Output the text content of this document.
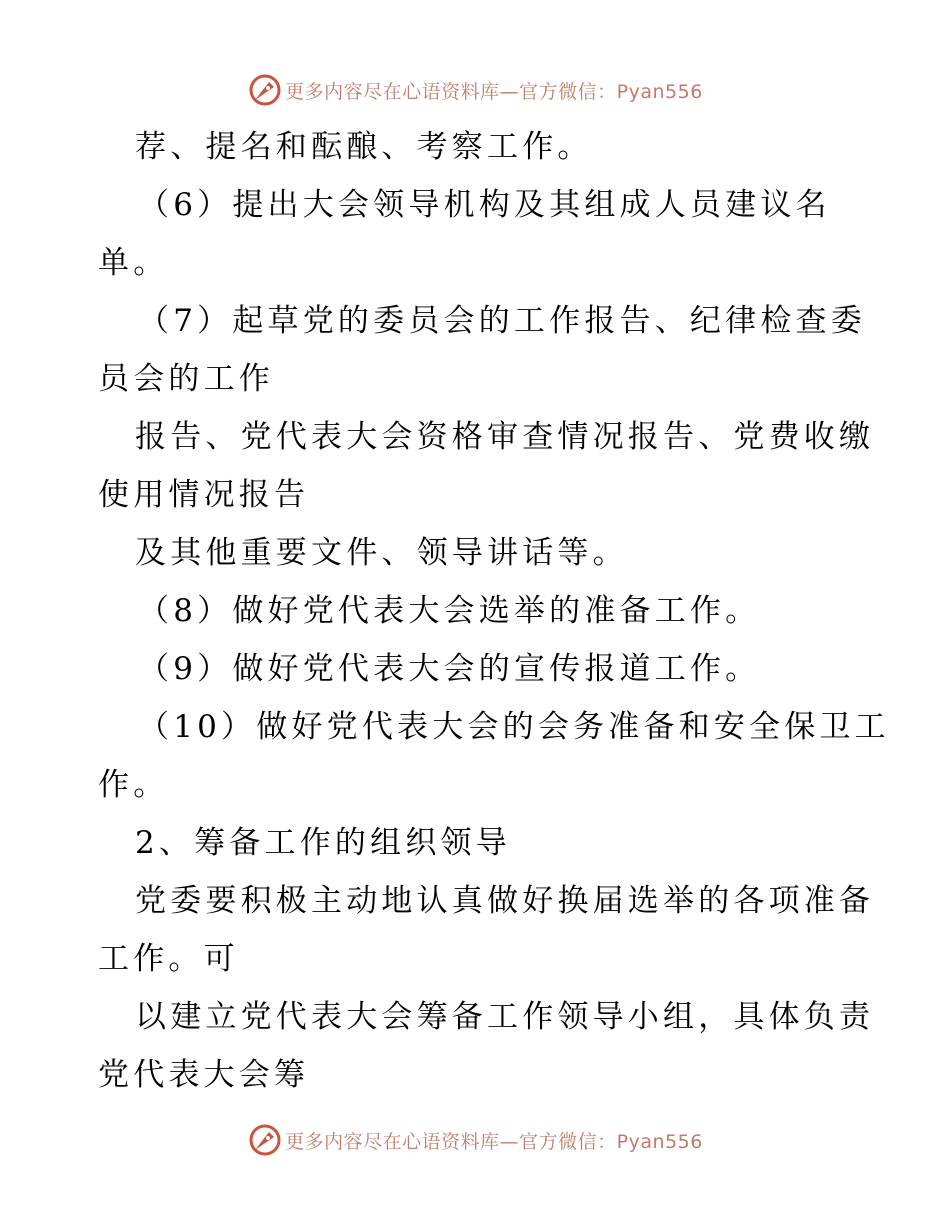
更多内容尽在心语资料库—官方微信：Pyan556
荐、提名和酝酿、考察工作。
（6）提出大会领导机构及其组成人员建议名
单。
（7）起草党的委员会的工作报告、纪律检查委
员会的工作
报告、党代表大会资格审查情况报告、党费收缴
使用情况报告
及其他重要文件、领导讲话等。
（8）做好党代表大会选举的准备工作。
（9）做好党代表大会的宣传报道工作。
（10）做好党代表大会的会务准备和安全保卫工
作。
2、筹备工作的组织领导
党委要积极主动地认真做好换届选举的各项准备
工作。可
以建立党代表大会筹备工作领导小组，具体负责
党代表大会筹
更多内容尽在心语资料库—官方微信：Pyan556
